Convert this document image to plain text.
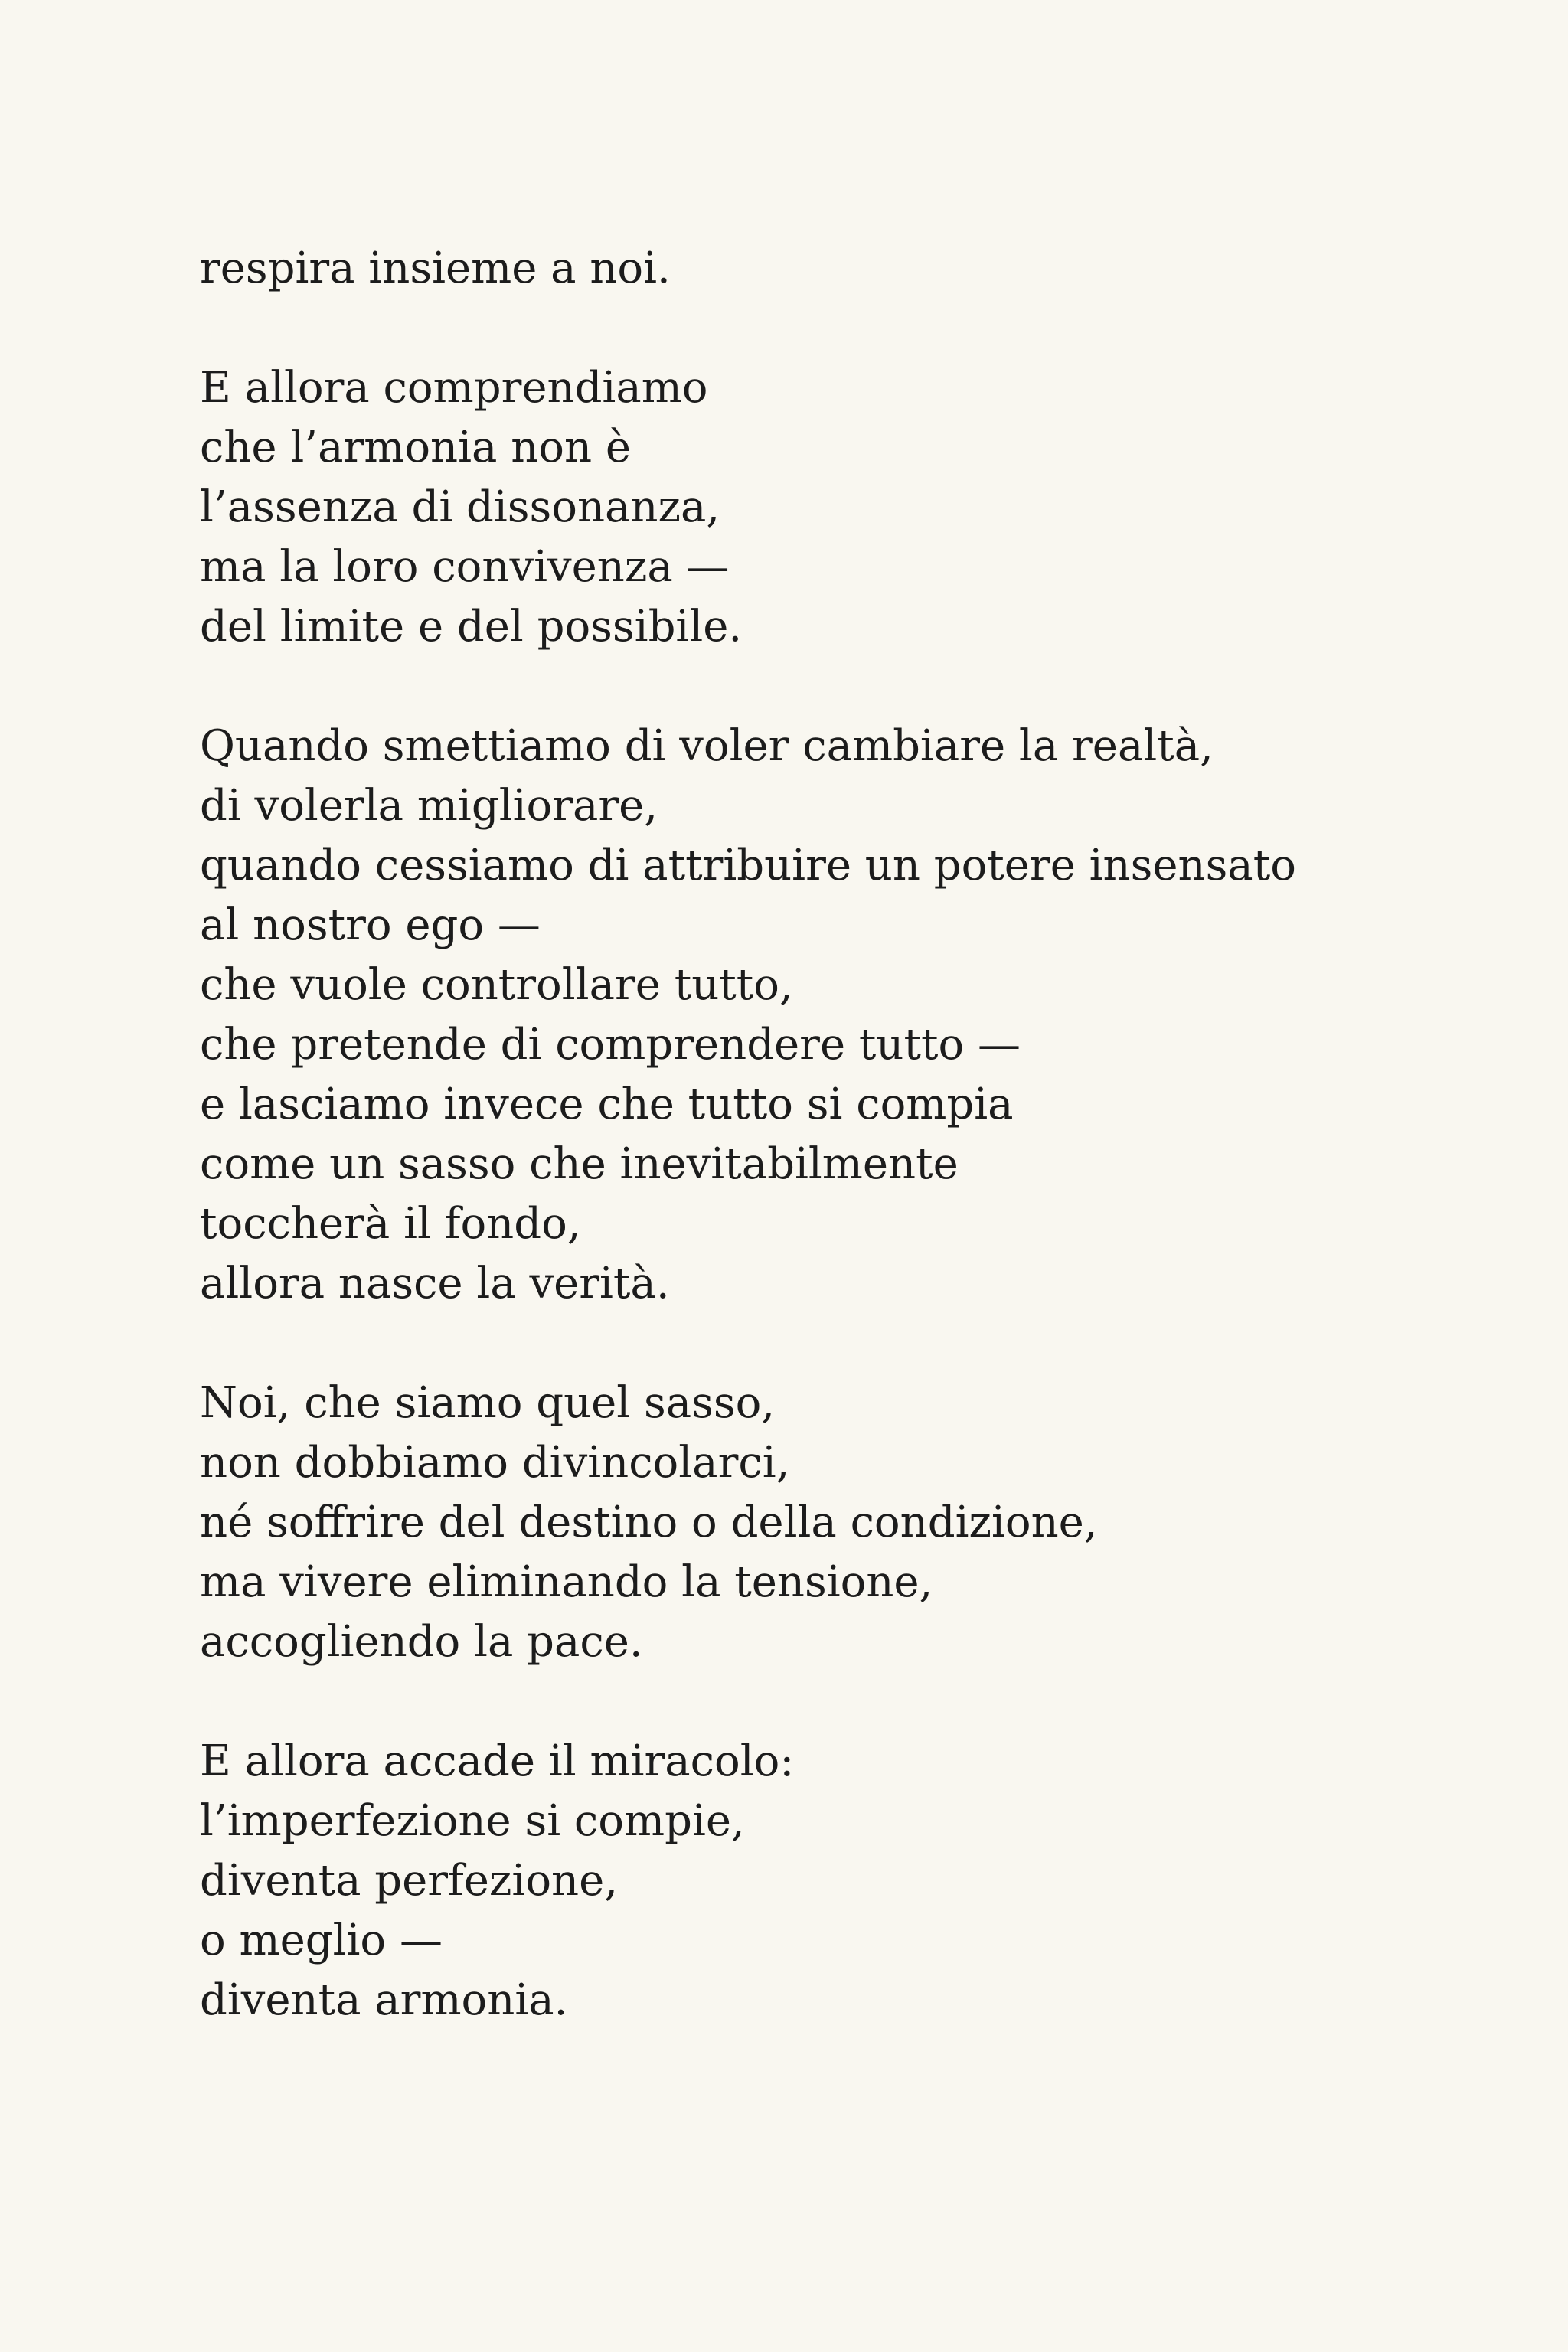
respira insieme a noi.
E allora comprendiamo
che l’armonia non è
l’assenza di dissonanza,
ma la loro convivenza —
del limite e del possibile.
Quando smettiamo di voler cambiare la realtà,
di volerla migliorare,
quando cessiamo di attribuire un potere insensato
al nostro ego —
che vuole controllare tutto,
che pretende di comprendere tutto —
e lasciamo invece che tutto si compia
come un sasso che inevitabilmente
toccherà il fondo,
allora nasce la verità.
Noi, che siamo quel sasso,
non dobbiamo divincolarci,
né soffrire del destino o della condizione,
ma vivere eliminando la tensione,
accogliendo la pace.
E allora accade il miracolo:
l’imperfezione si compie,
diventa perfezione,
o meglio —
diventa armonia.
